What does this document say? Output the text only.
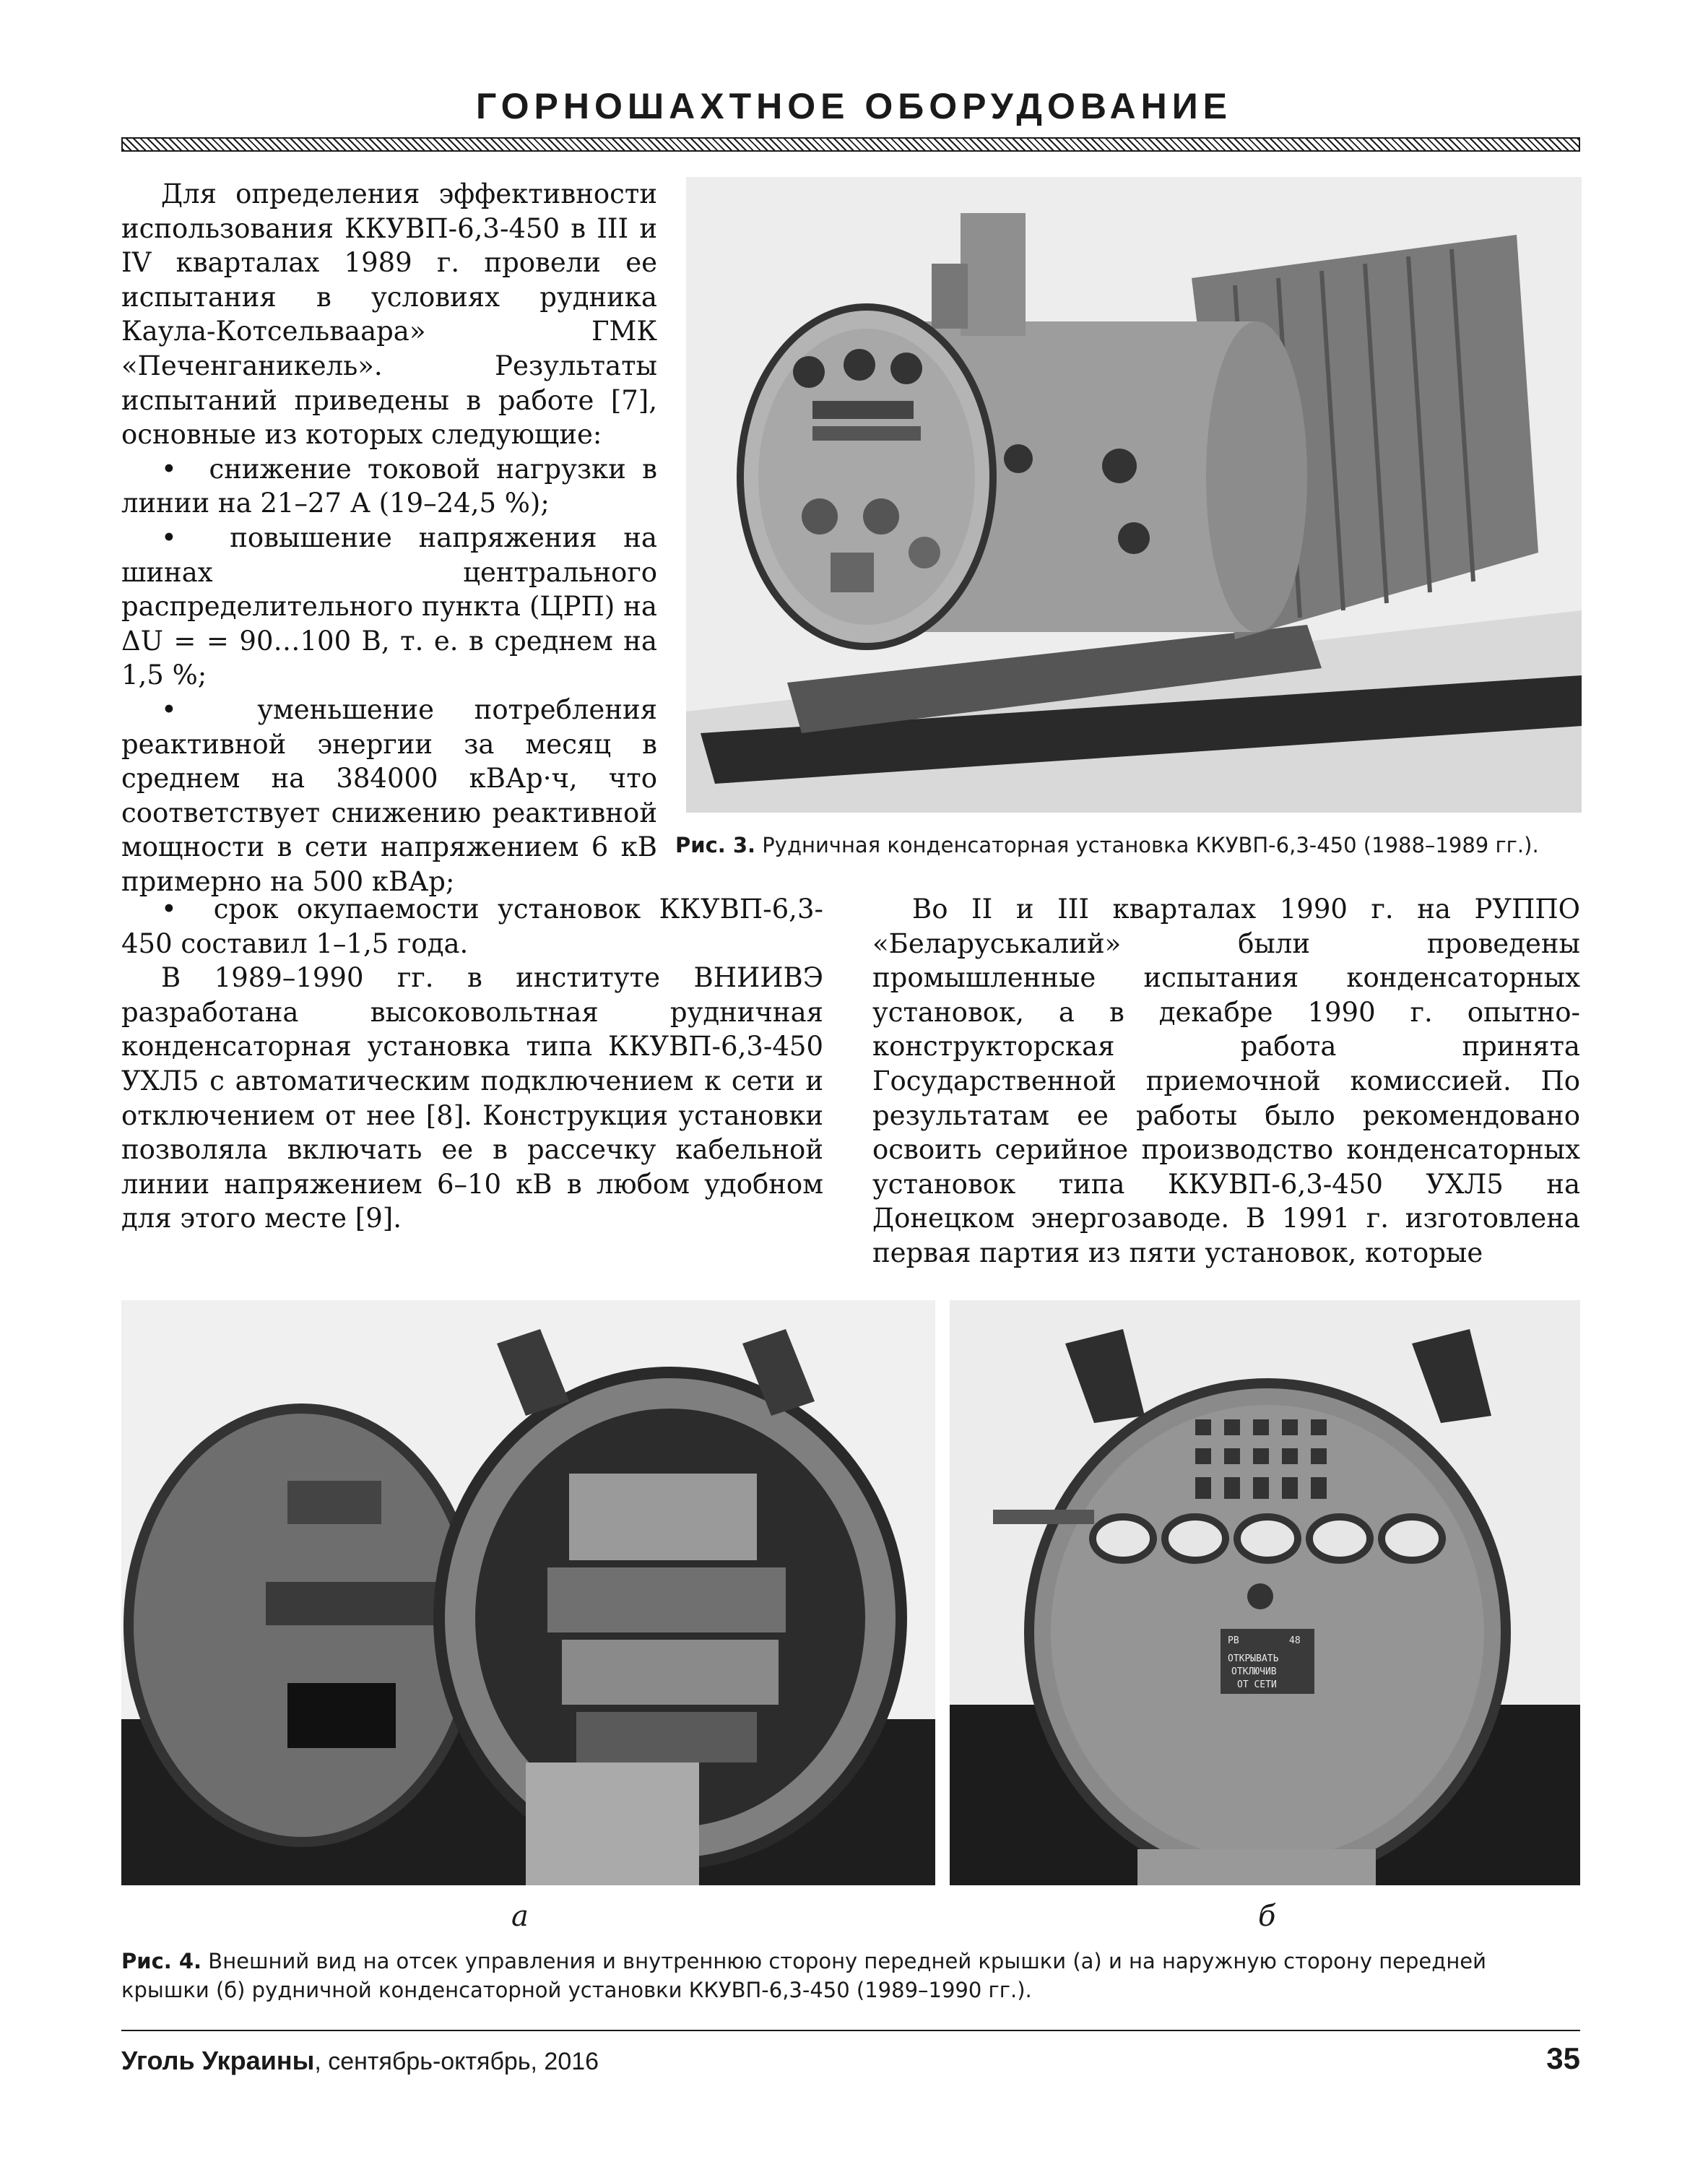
ГОРНОШАХТНОЕ ОБОРУДОВАНИЕ

Для определения эффективности использования ККУВП-6,3-450 в III и IV кварталах 1989 г. провели ее испытания в условиях рудника Каула-Котсельваара» ГМК «Печенганикель». Результаты испытаний приведены в работе [7], основные из которых следующие:

•  снижение токовой нагрузки в линии на 21–27 А (19–24,5 %);

•  повышение напряжения на шинах центрального распределительного пункта (ЦРП) на ΔU = = 90…100 В, т. е. в среднем на 1,5 %;

•  уменьшение потребления реактивной энергии за месяц в среднем на 384000 кВАр·ч, что соответствует снижению реактивной мощности в сети напряжением 6 кВ примерно на 500 кВАр;

•  срок окупаемости установок ККУВП-6,3-450 составил 1–1,5 года.

В 1989–1990 гг. в институте ВНИИВЭ разработана высоковольтная рудничная конденсаторная установка типа ККУВП-6,3-450 УХЛ5 с автоматическим подключением к сети и отключением от нее [8]. Конструкция установки позволяла включать ее в рассечку кабельной линии напряжением 6–10 кВ в любом удобном для этого месте [9].

Во II и III кварталах 1990 г. на РУППО «Беларуськалий» были проведены промышленные испытания конденсаторных установок, а в декабре 1990 г. опытно-конструкторская работа принята Государственной приемочной комиссией. По результатам ее работы было рекомендовано освоить серийное производство конденсаторных установок типа ККУВП-6,3-450 УХЛ5 на Донецком энергозаводе. В 1991 г. изготовлена первая партия из пяти установок, которые

Рис. 3. Рудничная конденсаторная установка ККУВП-6,3-450 (1988–1989 гг.).
а
РВ	48
ОТКРЫВАТЬ
ОТКЛЮЧИВ
ОТ СЕТИ
б
Рис. 4. Внешний вид на отсек управления и внутреннюю сторону передней крышки (а) и на наружную сторону передней крышки (б) рудничной конденсаторной установки ККУВП-6,3-450 (1989–1990 гг.).
Уголь Украины, сентябрь-октябрь, 2016	35
